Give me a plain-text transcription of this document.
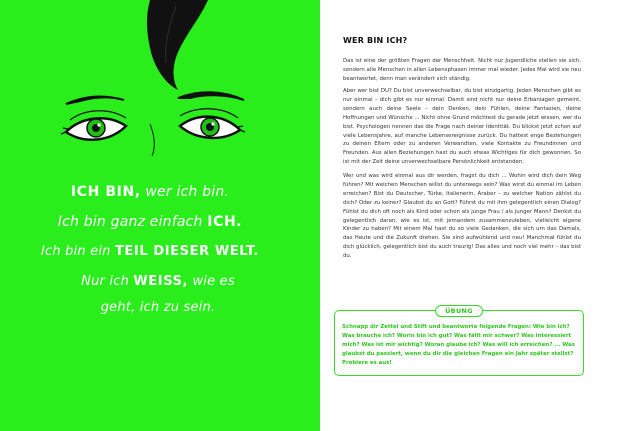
ICH BIN, wer ich bin.
Ich bin ganz einfach ICH.
Ich bin ein TEIL DIESER WELT.
Nur ich WEISS, wie es
geht, ich zu sein.
WER BIN ICH?

Das ist eine der größten Fragen der Menschheit. Nicht nur Jugendliche stellen sie sich, sondern alle Menschen in allen Lebensphasen immer mal wieder. Jedes Mal wird sie neu beantwortet, denn man verändert sich ständig.

Aber wer bist DU? Du bist unverwechselbar, du bist einzigartig. Jeden Menschen gibt es nur einmal – dich gibt es nur einmal. Damit sind nicht nur deine Erbanlagen gemeint, sondern auch deine Seele – dein Denken, dein Fühlen, deine Fantasien, deine Hoffnungen und Wünsche ... Nicht ohne Grund möchtest du gerade jetzt wissen, wer du bist. Psychologen nennen das die Frage nach deiner Identität. Du blickst jetzt schon auf viele Lebensjahre, auf manche Lebensereignisse zurück. Du hattest enge Beziehungen zu deinen Eltern oder zu anderen Verwandten, viele Kontakte zu Freundinnen und Freunden. Aus allen Beziehungen hast du auch etwas Wichtiges für dich gewonnen. So ist mit der Zeit deine unverwechselbare Persönlichkeit entstanden.

Wer und was wird einmal aus dir werden, fragst du dich ... Wohin wird dich dein Weg führen? Mit welchen Menschen willst du unterwegs sein? Was wirst du einmal im Leben erreichen? Bist du Deutscher, Türke, Italienerin, Araber – zu welcher Nation zählst du dich? Oder zu keiner? Glaubst du an Gott? Führst du mit ihm gelegentlich einen Dialog? Fühlst du dich oft noch als Kind oder schon als junge Frau / als junger Mann? Denkst du gelegentlich daran, wie es ist, mit jemandem zusammenzuleben, vielleicht eigene Kinder zu haben? Mit einem Mal hast du so viele Gedanken, die sich um das Damals, das Heute und die Zukunft drehen. Sie sind aufwühlend und neu! Manchmal fühlst du dich glücklich, gelegentlich bist du auch traurig! Das alles und noch viel mehr – das bist du.

ÜBUNG

Schnapp dir Zettel und Stift und beantworte folgende Fragen: Wie bin ich? Was brauche ich? Worin bin ich gut? Was fällt mir schwer? Was interessiert mich? Was ist mir wichtig? Woran glaube ich? Was will ich erreichen? ... Was glaubst du passiert, wenn du dir die gleichen Fragen ein Jahr später stellst? Probiere es aus!
